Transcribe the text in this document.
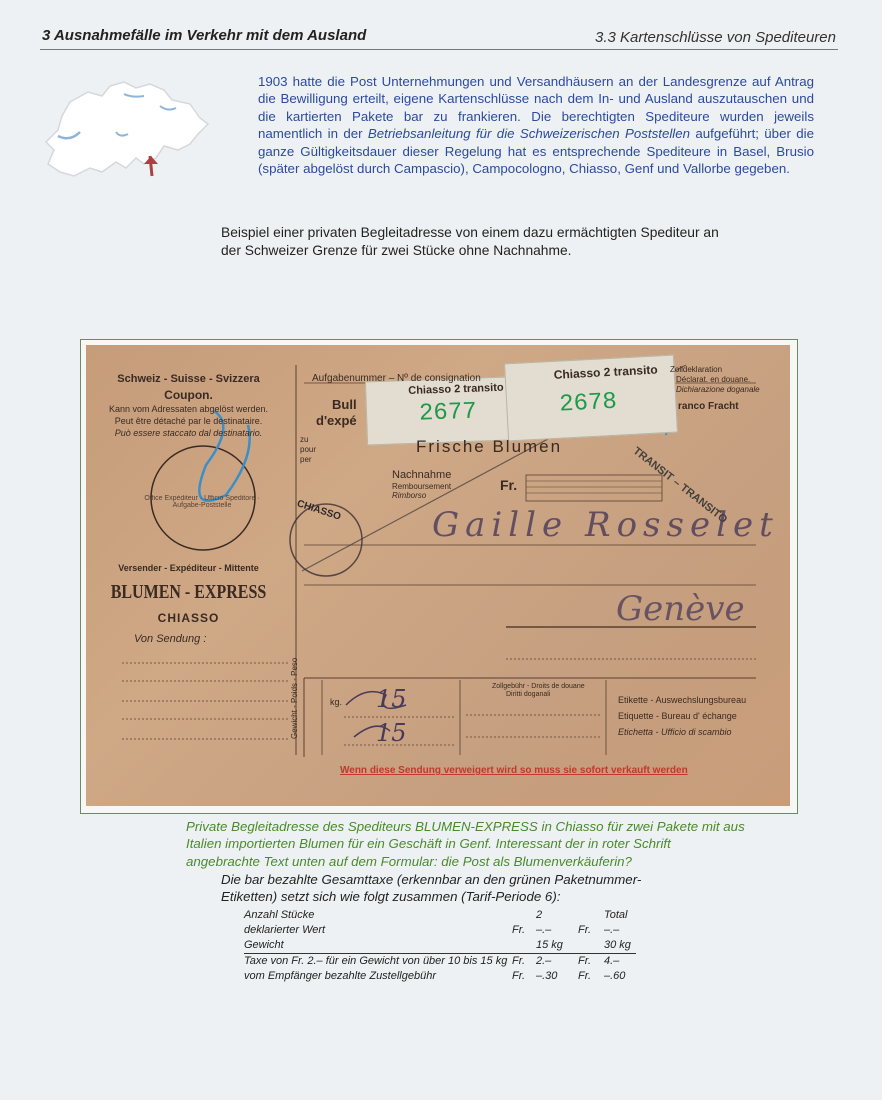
3 Ausnahmefälle im Verkehr mit dem Ausland	3.3 Kartenschlüsse von Spediteuren
1903 hatte die Post Unternehmungen und Versandhäusern an der Landesgrenze auf Antrag die Bewilligung erteilt, eigene Kartenschlüsse nach dem In- und Ausland auszutauschen und die kartierten Pakete bar zu frankieren. Die berechtigten Spediteure wurden jeweils namentlich in der Betriebsanleitung für die Schweizerischen Poststellen aufgeführt; über die ganze Gültigkeitsdauer dieser Regelung hat es entsprechende Spediteure in Basel, Brusio (später abgelöst durch Campascio), Campocologno, Chiasso, Genf und Vallorbe gegeben.
Beispiel einer privaten Begleitadresse von einem dazu ermächtigten Spediteur an der Schweizer Grenze für zwei Stücke ohne Nachnahme.
Chiasso 2 transito
2677
Chiasso 2 transito
2678
Schweiz - Suisse - Svizzera
Coupon.
Kann vom Adressaten abgelöst werden.
Peut être détaché par le destinataire.
Può essere staccato dal destinatario.
Office Expéditeur · Ufficio Speditore · Aufgabe-Poststelle
Versender - Expéditeur - Mittente
BLUMEN - EXPRESS
CHIASSO
Von Sendung :
Aufgabenummer – Nº de consignation
Bull
d'expé
zu
pour
per
Zolldeklaration
Déclarat. en douane.
Dichiarazione doganale
ranco Fracht
Frische Blumen
Nachnahme
Remboursement
Rimborso
Fr.	TRANSIT – TRANSITO
CHIASSO	Gaille Rosselet
Genève
Gewicht - Poids - Peso	kg. 15
15
Zollgebühr - Droits de douane
Diritti doganali
Etikette - Auswechslungsbureau
Etiquette - Bureau d' échange
Etichetta - Ufficio di scambio
Wenn diese Sendung verweigert wird so muss sie sofort verkauft werden
Private Begleitadresse des Spediteurs BLUMEN-EXPRESS in Chiasso für zwei Pakete mit aus Italien importierten Blumen für ein Geschäft in Genf. Interessant der in roter Schrift angebrachte Text unten auf dem Formular: die Post als Blumenverkäuferin?
Die bar bezahlte Gesamttaxe (erkennbar an den grünen Paketnummer-Etiketten) setzt sich wie folgt zusammen (Tarif-Periode 6):
Anzahl Stücke	2	Total
deklarierter Wert	Fr. –.– Fr. –.–
Gewicht	15 kg	30 kg
Taxe von Fr. 2.– für ein Gewicht von über 10 bis 15 kg Fr. 2.– Fr. 4.–
vom Empfänger bezahlte Zustellgebühr	Fr. –.30 Fr. –.60
